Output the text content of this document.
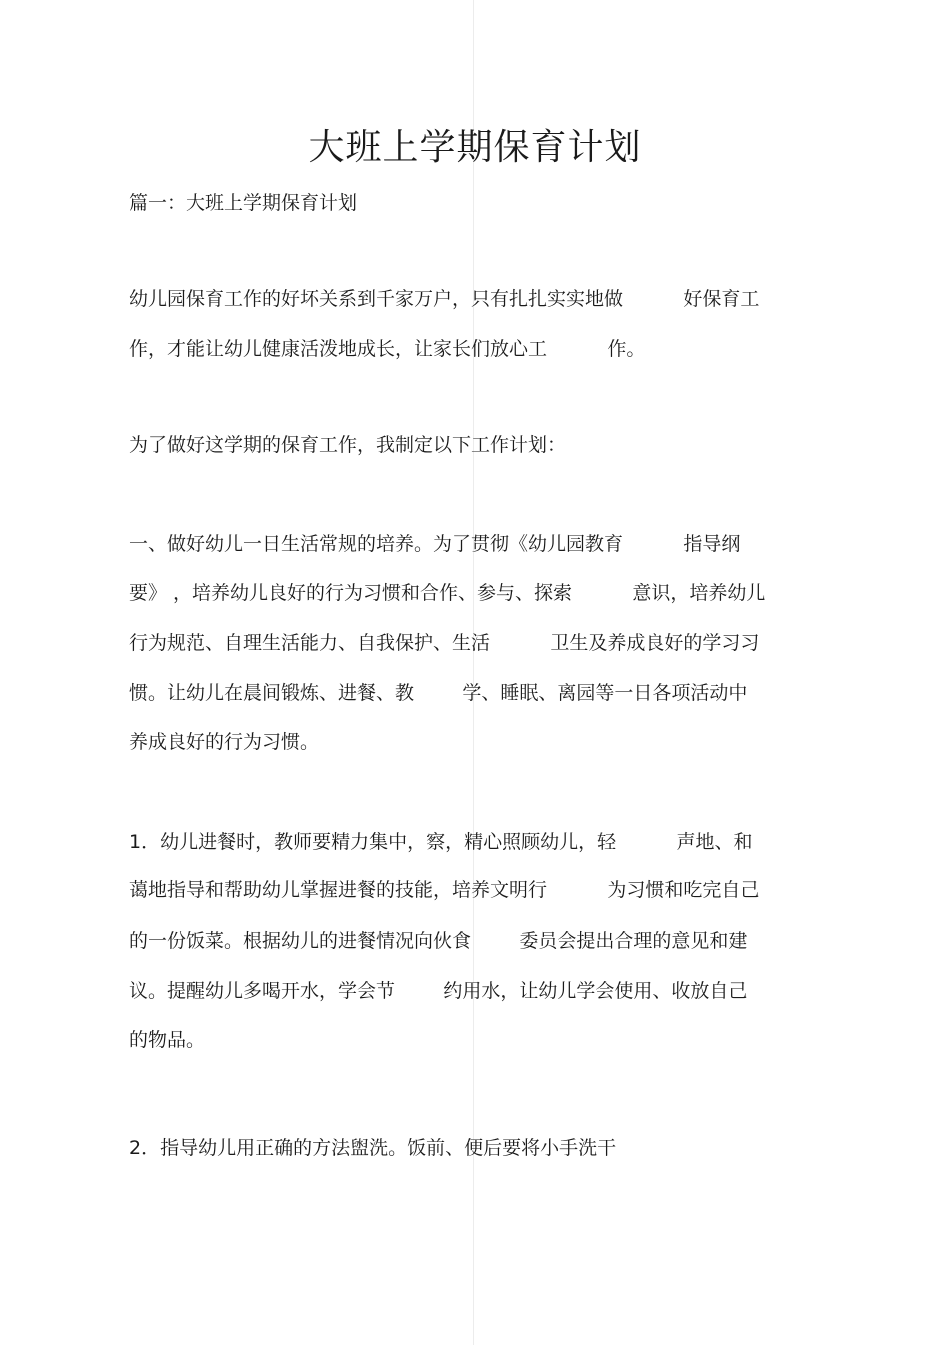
大班上学期保育计划
篇一：大班上学期保育计划
幼儿园保育工作的好坏关系到千家万户，只有扎扎实实地做          好保育工
作，才能让幼儿健康活泼地成长，让家长们放心工          作。
为了做好这学期的保育工作，我制定以下工作计划：
一、做好幼儿一日生活常规的培养。为了贯彻《幼儿园教育          指导纲
要》 ，培养幼儿良好的行为习惯和合作、参与、探索          意识，培养幼儿
行为规范、自理生活能力、自我保护、生活          卫生及养成良好的学习习
惯。让幼儿在晨间锻炼、进餐、教        学、睡眠、离园等一日各项活动中
养成良好的行为习惯。
1．幼儿进餐时，教师要精力集中，察，精心照顾幼儿，轻          声地、和
蔼地指导和帮助幼儿掌握进餐的技能，培养文明行          为习惯和吃完自己
的一份饭菜。根据幼儿的进餐情况向伙食        委员会提出合理的意见和建
议。提醒幼儿多喝开水，学会节        约用水，让幼儿学会使用、收放自己
的物品。
2．指导幼儿用正确的方法盥洗。饭前、便后要将小手洗干
